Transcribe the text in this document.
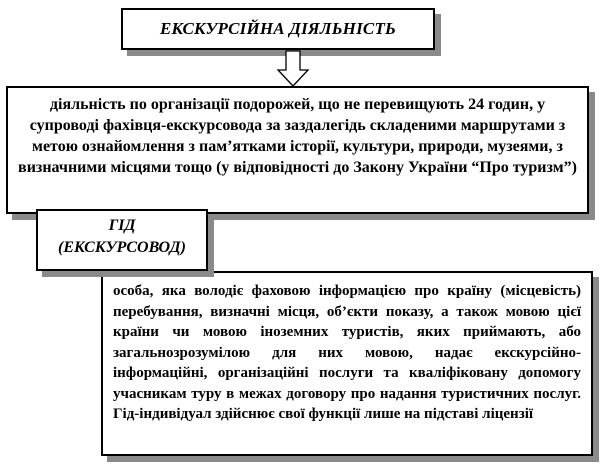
ЕКСКУРСІЙНА ДІЯЛЬНІСТЬ
діяльність по організації подорожей, що не перевищують 24 годин, у супроводі фахівця-екскурсовода за заздалегідь складеними маршрутами з метою ознайомлення з пам’ятками історії, культури, природи, музеями, з визначними місцями тощо (у відповідності до Закону України “Про туризм”)
особа, яка володіє фаховою інформацією про країну (місцевість) перебування, визначні місця, об’єкти показу, а також мовою цієї країни чи мовою іноземних туристів, яких приймають, або загальнозрозумілою для них мовою, надає екскурсійно-інформаційні, організаційні послуги та кваліфіковану допомогу учасникам туру в межах договору про надання туристичних послуг. Гід-індивідуал здійснює свої функції лише на підставі ліцензії
ГІД
(ЕКСКУРСОВОД)
